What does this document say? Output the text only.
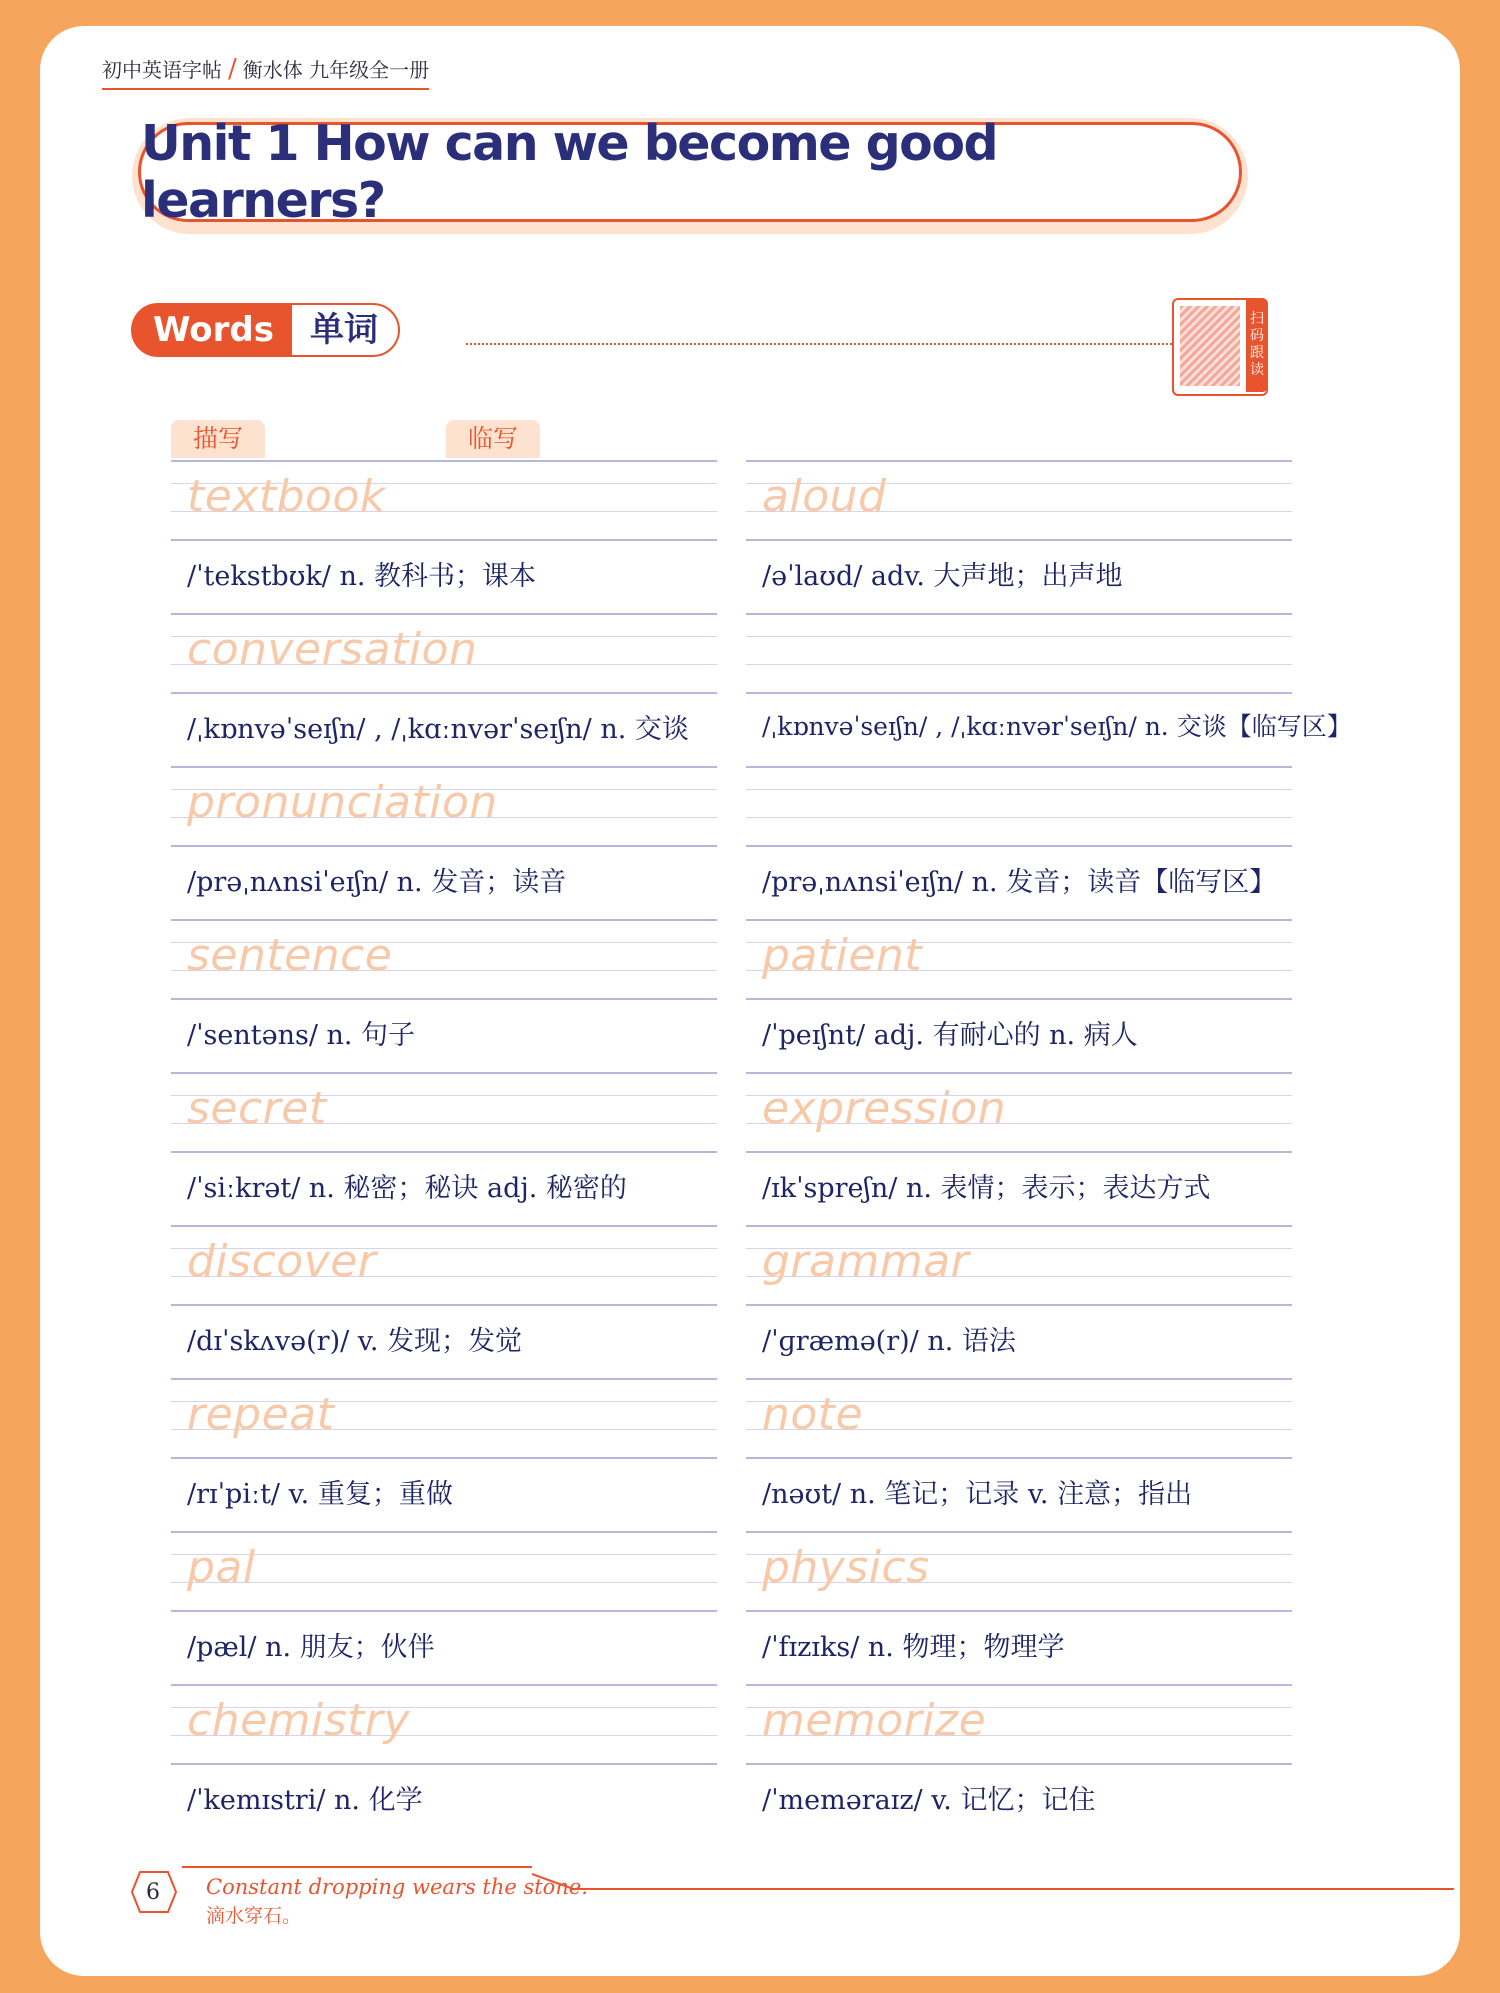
初中英语字帖 / 衡水体 九年级全一册
Unit 1 How can we become good learners?
Words	单词	扫
码
跟
读
描写	临写
textbook
/ˈtekstbʊk/ n. 教科书；课本
conversation
/ˌkɒnvəˈseɪʃn/ , /ˌkɑːnvərˈseɪʃn/ n. 交谈
pronunciation
/prəˌnʌnsiˈeɪʃn/ n. 发音；读音
sentence
/ˈsentəns/ n. 句子
secret
/ˈsiːkrət/ n. 秘密；秘诀 adj. 秘密的
discover
/dɪˈskʌvə(r)/ v. 发现；发觉
repeat
/rɪˈpiːt/ v. 重复；重做
pal
/pæl/ n. 朋友；伙伴
chemistry
/ˈkemɪstri/ n. 化学
aloud
/əˈlaʊd/ adv. 大声地；出声地
/ˌkɒnvəˈseɪʃn/ , /ˌkɑːnvərˈseɪʃn/ n. 交谈【临写区】
/prəˌnʌnsiˈeɪʃn/ n. 发音；读音【临写区】
patient
/ˈpeɪʃnt/ adj. 有耐心的 n. 病人
expression
/ɪkˈspreʃn/ n. 表情；表示；表达方式
grammar
/ˈɡræmə(r)/ n. 语法
note
/nəʊt/ n. 笔记；记录 v. 注意；指出
physics
/ˈfɪzɪks/ n. 物理；物理学
memorize
/ˈmeməraɪz/ v. 记忆；记住
6	Constant dropping wears the stone.
滴水穿石。
